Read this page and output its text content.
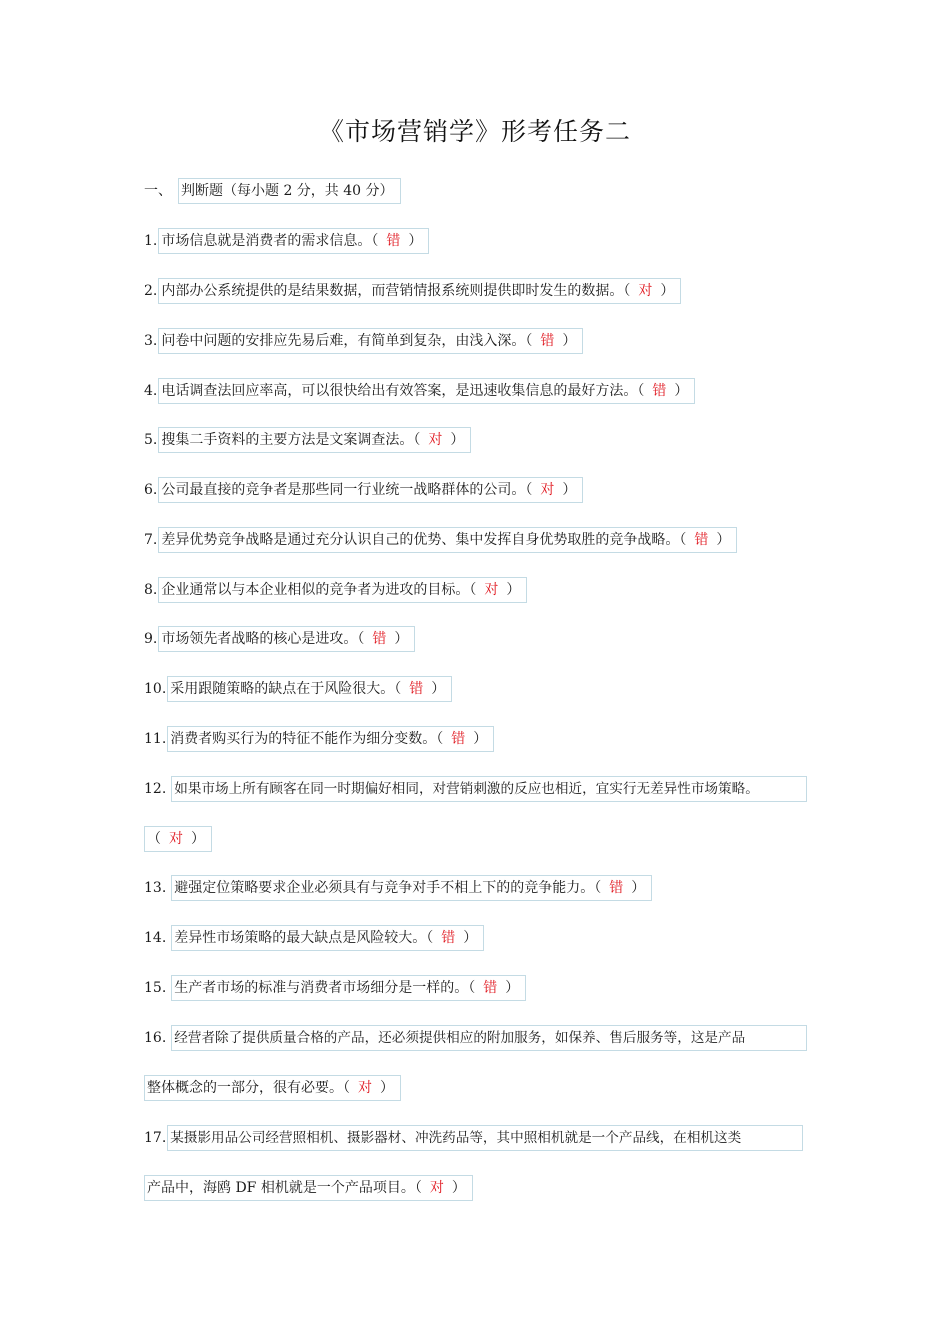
《市场营销学》形考任务二
一、 判断题（每小题 2 分，共 40 分）
1. 市场信息就是消费者的需求信息。（ 错 ）
2. 内部办公系统提供的是结果数据，而营销情报系统则提供即时发生的数据。（ 对 ）
3. 问卷中问题的安排应先易后难，有简单到复杂，由浅入深。（ 错 ）
4. 电话调查法回应率高，可以很快给出有效答案，是迅速收集信息的最好方法。（ 错 ）
5. 搜集二手资料的主要方法是文案调查法。（ 对 ）
6. 公司最直接的竞争者是那些同一行业统一战略群体的公司。（ 对 ）
7. 差异优势竞争战略是通过充分认识自己的优势、集中发挥自身优势取胜的竞争战略。（ 错 ）
8. 企业通常以与本企业相似的竞争者为进攻的目标。（ 对 ）
9. 市场领先者战略的核心是进攻。（ 错 ）
10. 采用跟随策略的缺点在于风险很大。（ 错 ）
11. 消费者购买行为的特征不能作为细分变数。（ 错 ）
12. 如果市场上所有顾客在同一时期偏好相同，对营销刺激的反应也相近，宜实行无差异性市场策略。
（ 对 ）
13. 避强定位策略要求企业必须具有与竞争对手不相上下的的竞争能力。（ 错 ）
14. 差异性市场策略的最大缺点是风险较大。（ 错 ）
15. 生产者市场的标准与消费者市场细分是一样的。（ 错 ）
16. 经营者除了提供质量合格的产品，还必须提供相应的附加服务，如保养、售后服务等，这是产品
整体概念的一部分，很有必要。（ 对 ）
17. 某摄影用品公司经营照相机、摄影器材、冲洗药品等，其中照相机就是一个产品线，在相机这类
产品中，海鸥 DF 相机就是一个产品项目。（ 对 ）
